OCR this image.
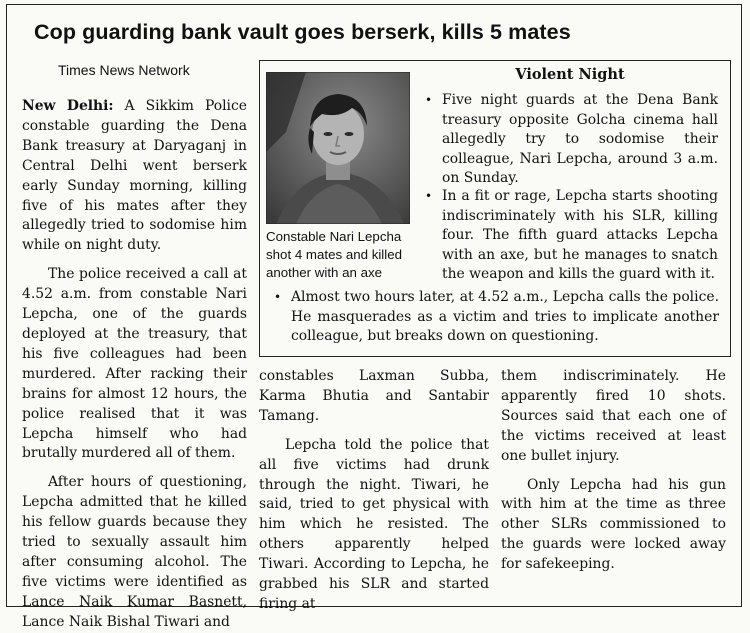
Cop guarding bank vault goes berserk, kills 5 mates
Times News Network

New Delhi: A Sikkim Police constable guarding the Dena Bank treasury at Daryaganj in Central Delhi went berserk early Sunday morning, killing five of his mates after they allegedly tried to sodomise him while on night duty.

The police received a call at 4.52 a.m. from constable Nari Lepcha, one of the guards deployed at the treasury, that his five colleagues had been murdered. After racking their brains for almost 12 hours, the police realised that it was Lepcha himself who had brutally murdered all of them.

After hours of questioning, Lepcha admitted that he killed his fellow guards because they tried to sexually assault him after consuming alcohol. The five victims were identified as Lance Naik Kumar Basnett, Lance Naik Bishal Tiwari and

Constable Nari Lepcha shot 4 mates and killed another with an axe
Violent Night
• Five night guards at the Dena Bank treasury opposite Golcha cinema hall allegedly try to sodomise their colleague, Nari Lepcha, around 3 a.m. on Sunday.
• In a fit or rage, Lepcha starts shooting indiscriminately with his SLR, killing four. The fifth guard attacks Lepcha with an axe, but he manages to snatch the weapon and kills the guard with it.
• Almost two hours later, at 4.52 a.m., Lepcha calls the police. He masquerades as a victim and tries to implicate another colleague, but breaks down on questioning.

constables Laxman Subba, Karma Bhutia and Santabir Tamang.

Lepcha told the police that all five victims had drunk through the night. Tiwari, he said, tried to get physical with him which he resisted. The others apparently helped Tiwari. According to Lepcha, he grabbed his SLR and started firing at

them indiscriminately. He apparently fired 10 shots. Sources said that each one of the victims received at least one bullet injury.

Only Lepcha had his gun with him at the time as three other SLRs commissioned to the guards were locked away for safekeeping.
